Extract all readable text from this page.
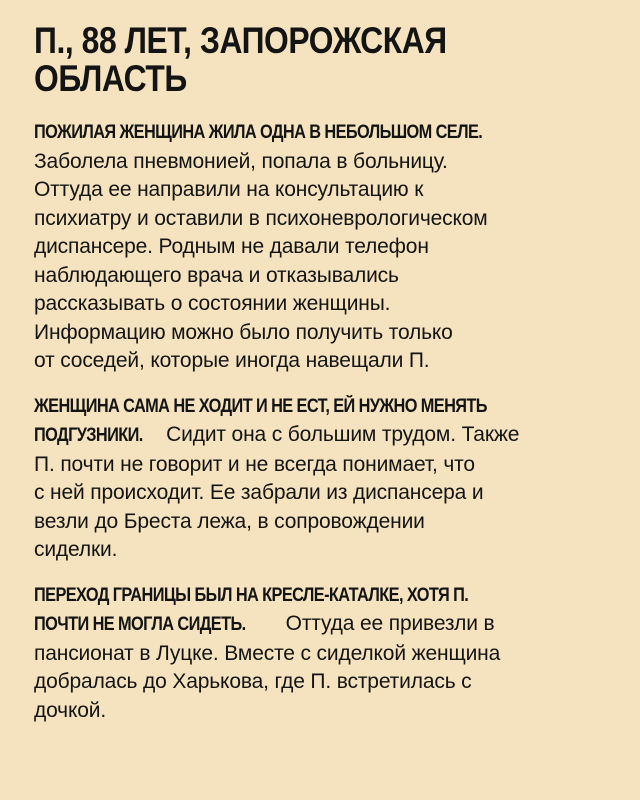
П., 88 ЛЕТ, ЗАПОРОЖСКАЯ
ОБЛАСТЬ

ПОЖИЛАЯ ЖЕНЩИНА ЖИЛА ОДНА В НЕБОЛЬШОМ СЕЛЕ.
Заболела пневмонией, попала в больницу.
Оттуда ее направили на консультацию к
психиатру и оставили в психоневрологическом
диспансере. Родным не давали телефон
наблюдающего врача и отказывались
рассказывать о состоянии женщины.
Информацию можно было получить только
от соседей, которые иногда навещали П.

ЖЕНЩИНА САМА НЕ ХОДИТ И НЕ ЕСТ, ЕЙ НУЖНО МЕНЯТЬ
ПОДГУЗНИКИ. Сидит она с большим трудом. Также
П. почти не говорит и не всегда понимает, что
с ней происходит. Ее забрали из диспансера и
везли до Бреста лежа, в сопровождении
сиделки.

ПЕРЕХОД ГРАНИЦЫ БЫЛ НА КРЕСЛЕ-КАТАЛКЕ, ХОТЯ П.
ПОЧТИ НЕ МОГЛА СИДЕТЬ. Оттуда ее привезли в
пансионат в Луцке. Вместе с сиделкой женщина
добралась до Харькова, где П. встретилась с
дочкой.
